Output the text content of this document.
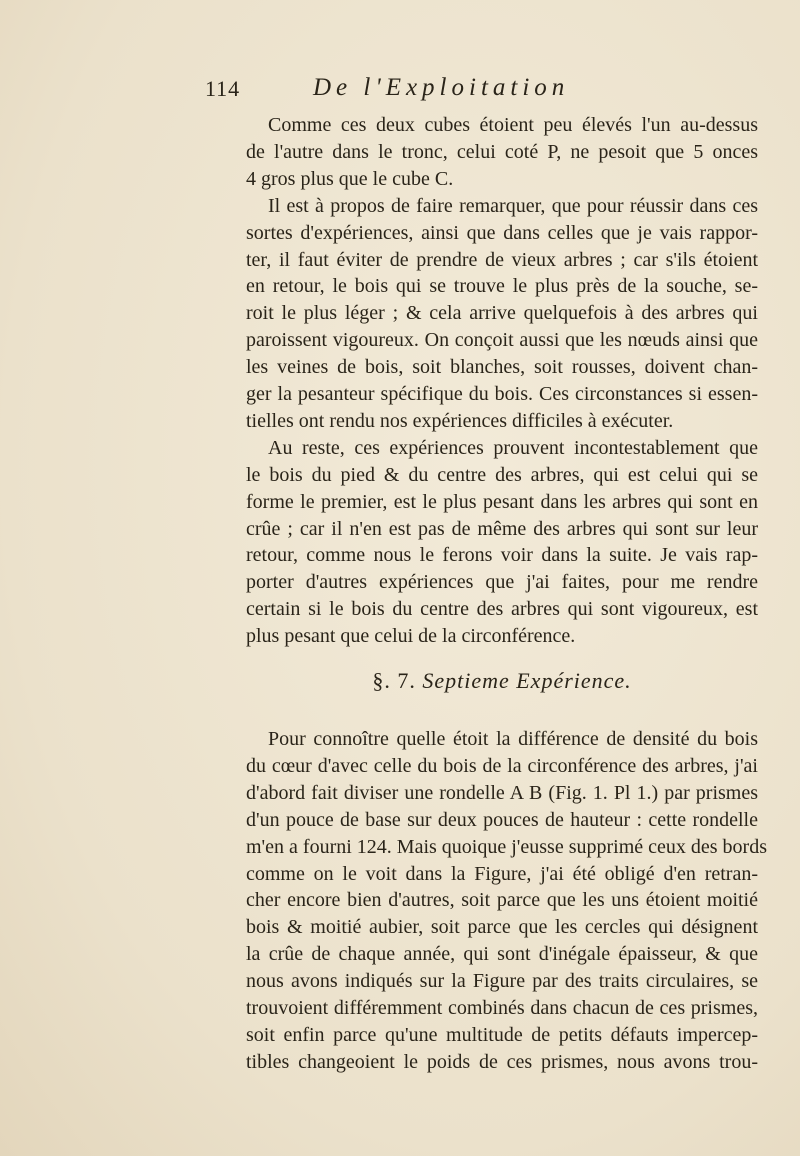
114	De l'Exploitation
Comme ces deux cubes étoient peu élevés l'un au-dessus
de l'autre dans le tronc, celui coté P, ne pesoit que 5 onces
4 gros plus que le cube C.
Il est à propos de faire remarquer, que pour réussir dans ces
sortes d'expériences, ainsi que dans celles que je vais rappor-
ter, il faut éviter de prendre de vieux arbres ; car s'ils étoient
en retour, le bois qui se trouve le plus près de la souche, se-
roit le plus léger ; & cela arrive quelquefois à des arbres qui
paroissent vigoureux. On conçoit aussi que les nœuds ainsi que
les veines de bois, soit blanches, soit rousses, doivent chan-
ger la pesanteur spécifique du bois. Ces circonstances si essen-
tielles ont rendu nos expériences difficiles à exécuter.
Au reste, ces expériences prouvent incontestablement que
le bois du pied & du centre des arbres, qui est celui qui se
forme le premier, est le plus pesant dans les arbres qui sont en
crûe ; car il n'en est pas de même des arbres qui sont sur leur
retour, comme nous le ferons voir dans la suite. Je vais rap-
porter d'autres expériences que j'ai faites, pour me rendre
§. 7. Septieme Expérience.
Pour connoître quelle étoit la différence de densité du bois
du cœur d'avec celle du bois de la circonférence des arbres, j'ai
d'abord fait diviser une rondelle A B (Fig. 1. Pl 1.) par prismes
d'un pouce de base sur deux pouces de hauteur : cette rondelle
m'en a fourni 124. Mais quoique j'eusse supprimé ceux des bords
comme on le voit dans la Figure, j'ai été obligé d'en retran-
cher encore bien d'autres, soit parce que les uns étoient moitié
bois & moitié aubier, soit parce que les cercles qui désignent
la crûe de chaque année, qui sont d'inégale épaisseur, & que
nous avons indiqués sur la Figure par des traits circulaires, se
trouvoient différemment combinés dans chacun de ces prismes,
soit enfin parce qu'une multitude de petits défauts impercep-
tibles changeoient le poids de ces prismes, nous avons trou-
certain si le bois du centre des arbres qui sont vigoureux, est
plus pesant que celui de la circonférence.
